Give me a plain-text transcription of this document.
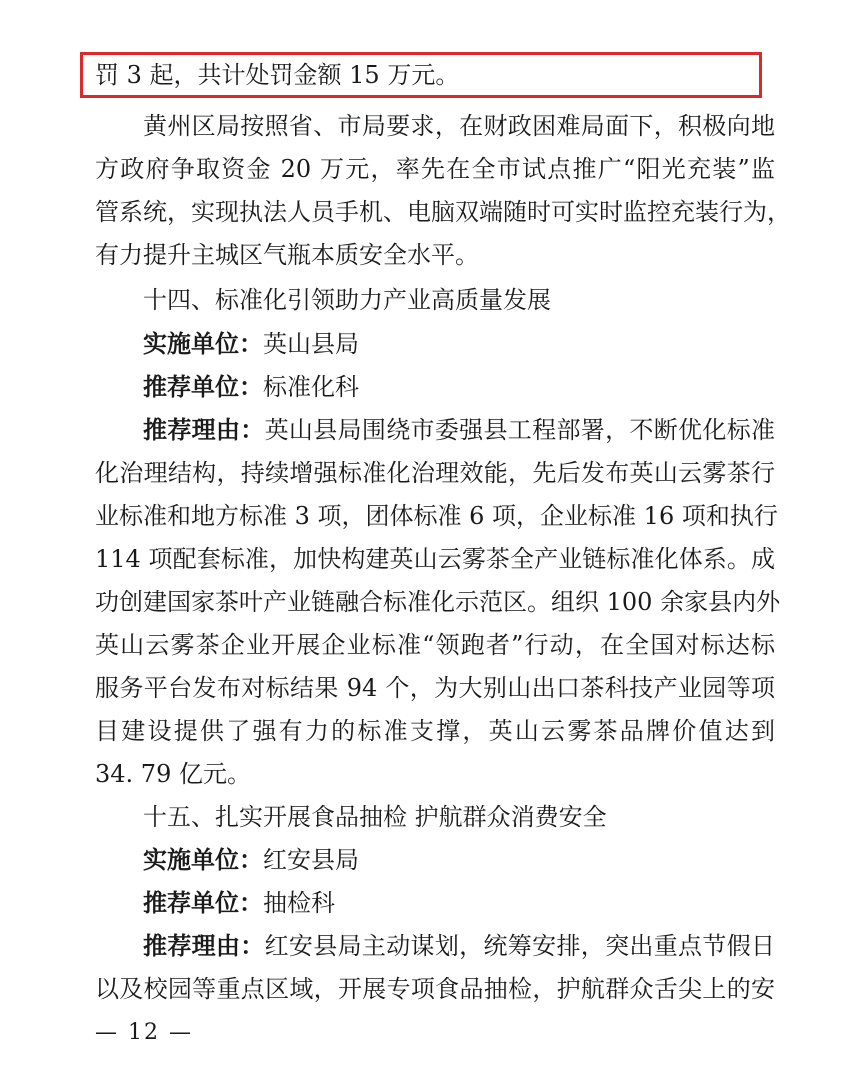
罚 3 起，共计处罚金额 15 万元。
黄州区局按照省、市局要求，在财政困难局面下，积极向地
方政府争取资金 20 万元，率先在全市试点推广“阳光充装”监
管系统，实现执法人员手机、电脑双端随时可实时监控充装行为，
有力提升主城区气瓶本质安全水平。
十四、标准化引领助力产业高质量发展
实施单位：英山县局
推荐单位：标准化科
推荐理由：英山县局围绕市委强县工程部署，不断优化标准
化治理结构，持续增强标准化治理效能，先后发布英山云雾茶行
业标准和地方标准 3 项，团体标准 6 项，企业标准 16 项和执行
114 项配套标准，加快构建英山云雾茶全产业链标准化体系。成
功创建国家茶叶产业链融合标准化示范区。组织 100 余家县内外
英山云雾茶企业开展企业标准“领跑者”行动，在全国对标达标
服务平台发布对标结果 94 个，为大别山出口茶科技产业园等项
目建设提供了强有力的标准支撑，英山云雾茶品牌价值达到
34. 79 亿元。
十五、扎实开展食品抽检 护航群众消费安全
实施单位：红安县局
推荐单位：抽检科
推荐理由：红安县局主动谋划，统筹安排，突出重点节假日
以及校园等重点区域，开展专项食品抽检，护航群众舌尖上的安
— 12 —
